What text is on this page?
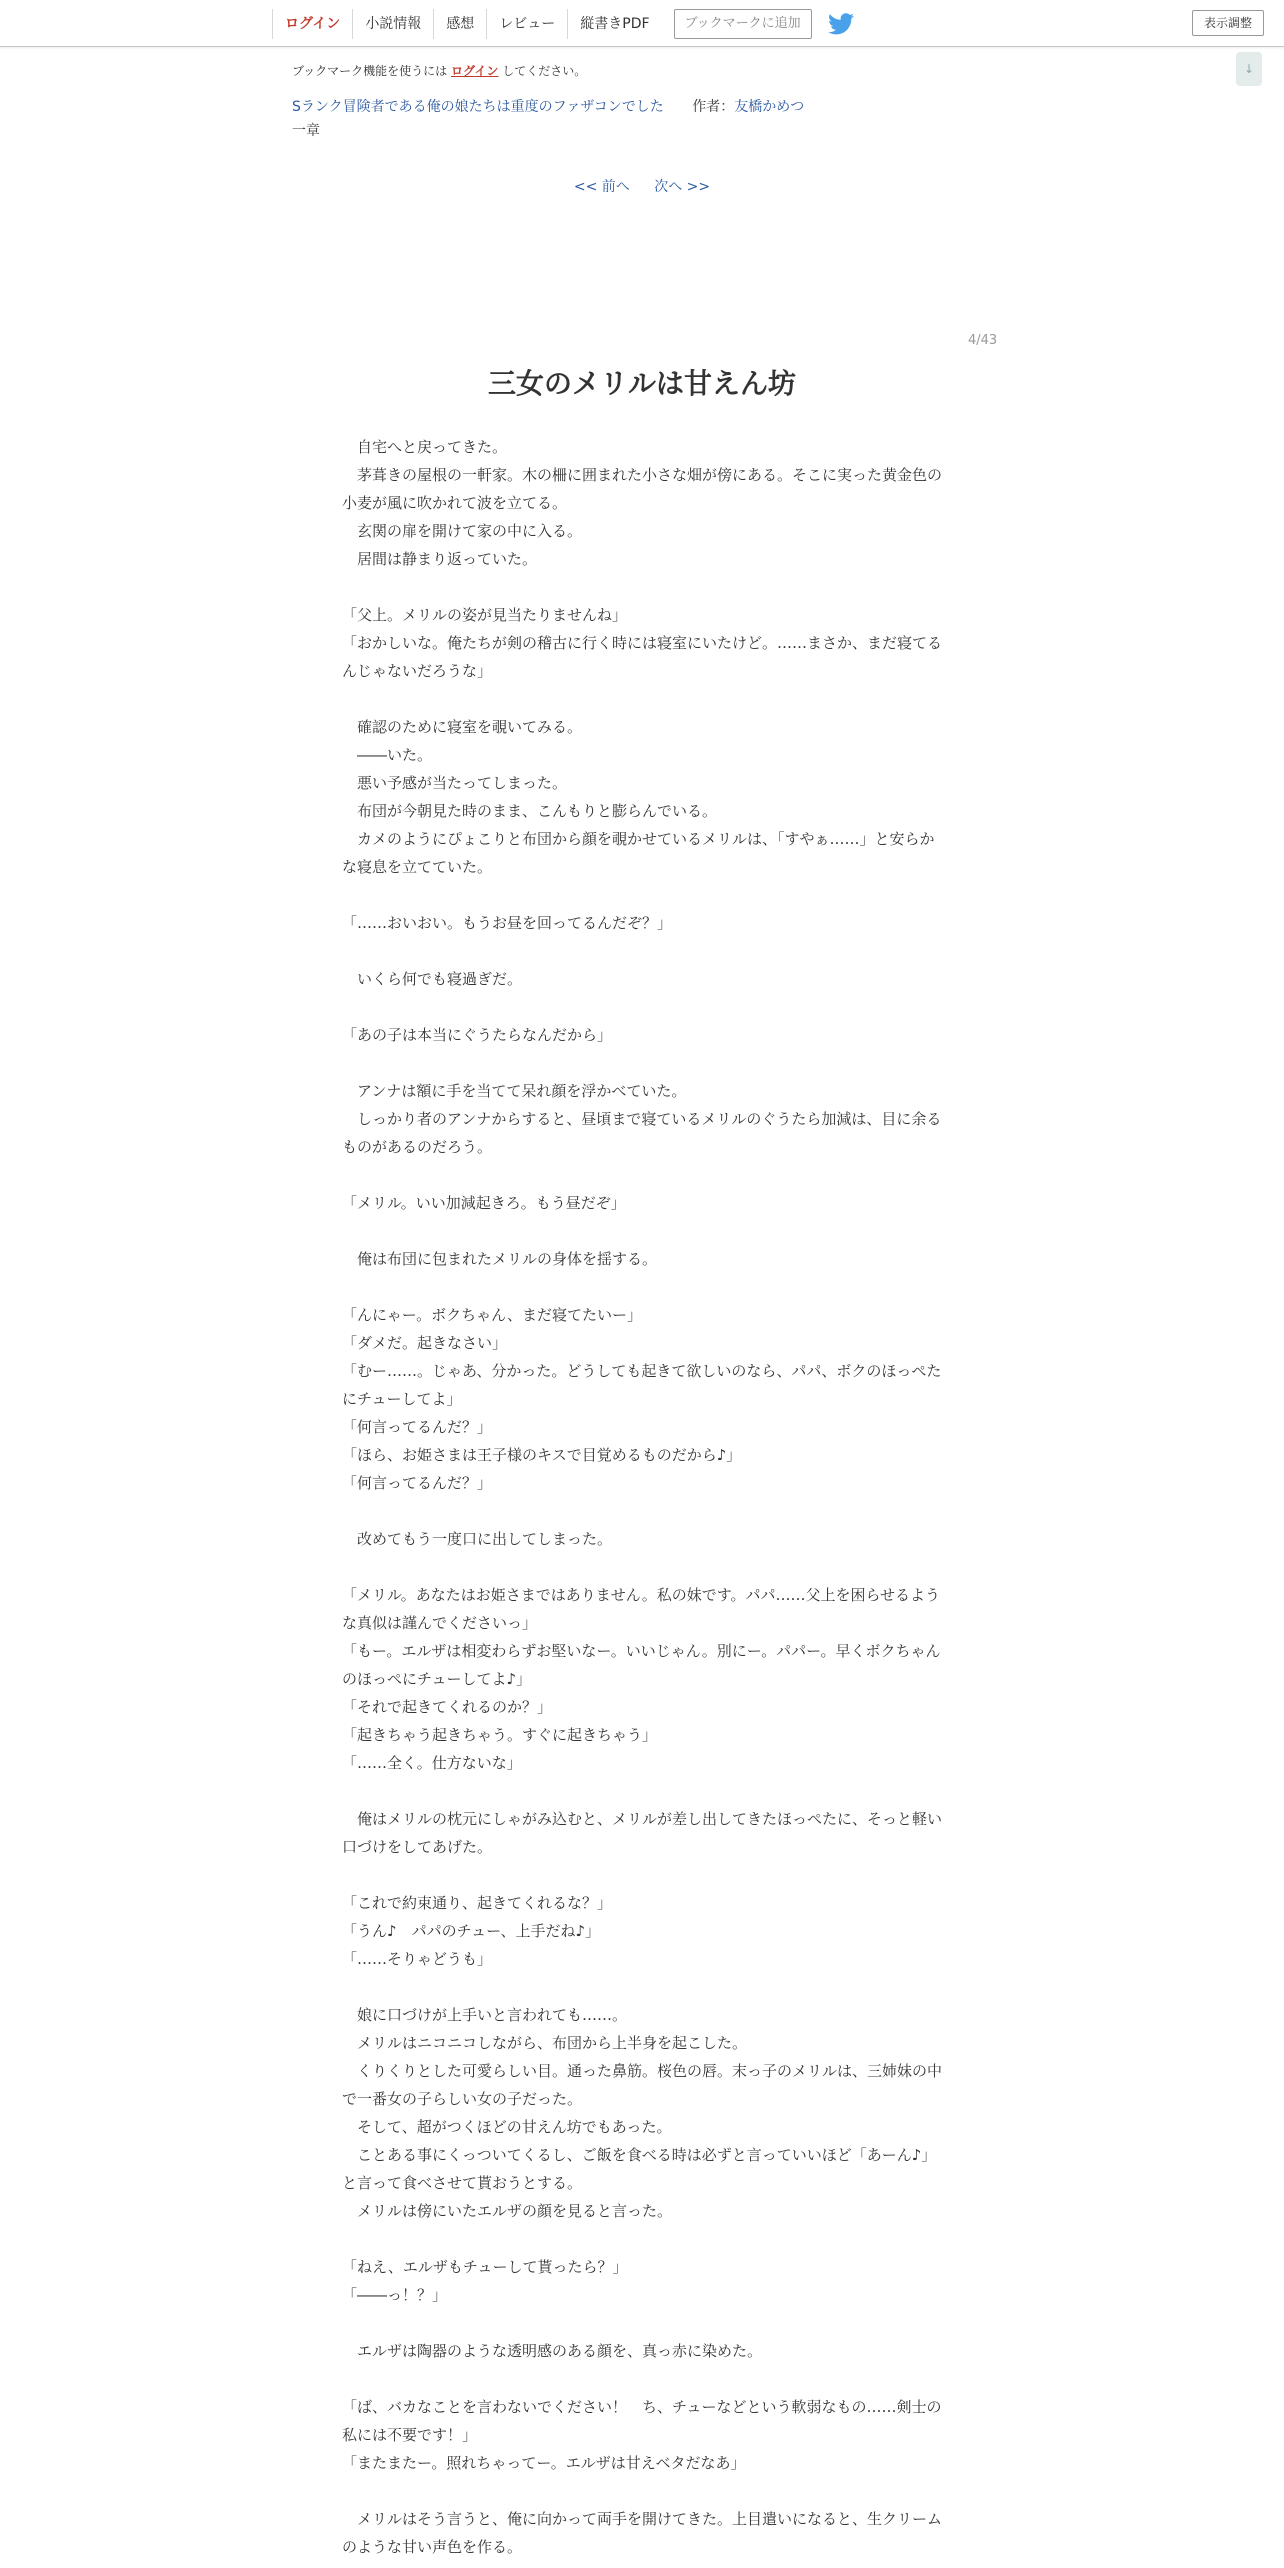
ログイン	小説情報	感想	レビュー	縦書きPDF	ブックマークに追加	表示調整
↓
ブックマーク機能を使うには ログイン してください。
Sランク冒険者である俺の娘たちは重度のファザコンでした 作者：友橋かめつ
一章
<< 前へ 次へ >>
4/43
三女のメリルは甘えん坊

　自宅へと戻ってきた。

　茅葺きの屋根の一軒家。木の柵に囲まれた小さな畑が傍にある。そこに実った黄金色の小麦が風に吹かれて波を立てる。

　玄関の扉を開けて家の中に入る。

　居間は静まり返っていた。

「父上。メリルの姿が見当たりませんね」

「おかしいな。俺たちが剣の稽古に行く時には寝室にいたけど。……まさか、まだ寝てるんじゃないだろうな」

　確認のために寝室を覗いてみる。

　――いた。

　悪い予感が当たってしまった。

　布団が今朝見た時のまま、こんもりと膨らんでいる。

　カメのようにぴょこりと布団から顔を覗かせているメリルは、「すやぁ……」と安らかな寝息を立てていた。

「……おいおい。もうお昼を回ってるんだぞ？」

　いくら何でも寝過ぎだ。

「あの子は本当にぐうたらなんだから」

　アンナは額に手を当てて呆れ顔を浮かべていた。

　しっかり者のアンナからすると、昼頃まで寝ているメリルのぐうたら加減は、目に余るものがあるのだろう。

「メリル。いい加減起きろ。もう昼だぞ」

　俺は布団に包まれたメリルの身体を揺する。

「んにゃー。ボクちゃん、まだ寝てたいー」

「ダメだ。起きなさい」

「むー……。じゃあ、分かった。どうしても起きて欲しいのなら、パパ、ボクのほっぺたにチューしてよ」

「何言ってるんだ？」

「ほら、お姫さまは王子様のキスで目覚めるものだから♪」

「何言ってるんだ？」

　改めてもう一度口に出してしまった。

「メリル。あなたはお姫さまではありません。私の妹です。パパ……父上を困らせるような真似は謹んでくださいっ」

「もー。エルザは相変わらずお堅いなー。いいじゃん。別にー。パパー。早くボクちゃんのほっぺにチューしてよ♪」

「それで起きてくれるのか？」

「起きちゃう起きちゃう。すぐに起きちゃう」

「……全く。仕方ないな」

　俺はメリルの枕元にしゃがみ込むと、メリルが差し出してきたほっぺたに、そっと軽い口づけをしてあげた。

「これで約束通り、起きてくれるな？」

「うん♪　パパのチュー、上手だね♪」

「……そりゃどうも」

　娘に口づけが上手いと言われても……。

　メリルはニコニコしながら、布団から上半身を起こした。

　くりくりとした可愛らしい目。通った鼻筋。桜色の唇。末っ子のメリルは、三姉妹の中で一番女の子らしい女の子だった。

　そして、超がつくほどの甘えん坊でもあった。

　ことある事にくっついてくるし、ご飯を食べる時は必ずと言っていいほど「あーん♪」と言って食べさせて貰おうとする。

　メリルは傍にいたエルザの顔を見ると言った。

「ねえ、エルザもチューして貰ったら？」

「――っ！？」

　エルザは陶器のような透明感のある顔を、真っ赤に染めた。

「ば、バカなことを言わないでください！　ち、チューなどという軟弱なもの……剣士の私には不要です！」

「またまたー。照れちゃってー。エルザは甘えベタだなあ」

　メリルはそう言うと、俺に向かって両手を開けてきた。上目遣いになると、生クリームのような甘い声色を作る。
